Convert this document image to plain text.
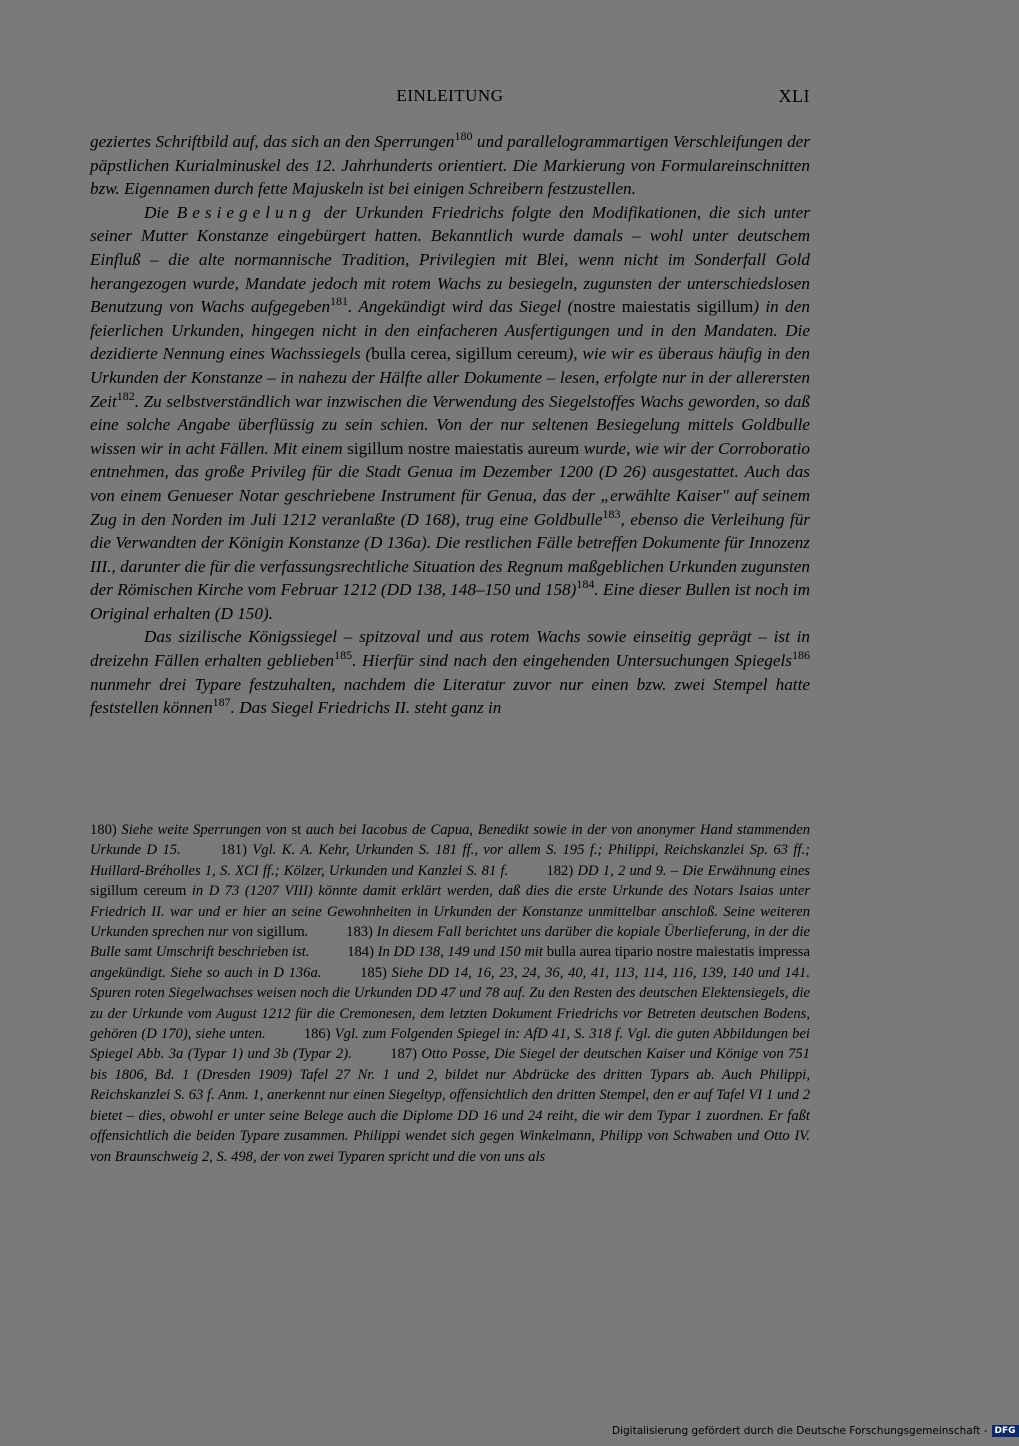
EINLEITUNG	XLI

geziertes Schriftbild auf, das sich an den Sperrungen$^{180}$ und parallelogrammartigen Verschleifungen der päpstlichen Kurialminuskel des 12. Jahrhunderts orientiert. Die Markierung von Formulareinschnitten bzw. Eigennamen durch fette Majuskeln ist bei einigen Schreibern festzustellen.

Die Besiegelung der Urkunden Friedrichs folgte den Modifikationen, die sich unter seiner Mutter Konstanze eingebürgert hatten. Bekanntlich wurde damals – wohl unter deutschem Einfluß – die alte normannische Tradition, Privilegien mit Blei, wenn nicht im Sonderfall Gold herangezogen wurde, Mandate jedoch mit rotem Wachs zu besiegeln, zugunsten der unterschiedslosen Benutzung von Wachs aufgegeben$^{181}$. Angekündigt wird das Siegel (nostre maiestatis sigillum) in den feierlichen Urkunden, hingegen nicht in den einfacheren Ausfertigungen und in den Mandaten. Die dezidierte Nennung eines Wachssiegels (bulla cerea, sigillum cereum), wie wir es überaus häufig in den Urkunden der Konstanze – in nahezu der Hälfte aller Dokumente – lesen, erfolgte nur in der allerersten Zeit$^{182}$. Zu selbstverständlich war inzwischen die Verwendung des Siegelstoffes Wachs geworden, so daß eine solche Angabe überflüssig zu sein schien. Von der nur seltenen Besiegelung mittels Goldbulle wissen wir in acht Fällen. Mit einem sigillum nostre maiestatis aureum wurde, wie wir der Corroboratio entnehmen, das große Privileg für die Stadt Genua im Dezember 1200 (D 26) ausgestattet. Auch das von einem Genueser Notar geschriebene Instrument für Genua, das der „erwählte Kaiser" auf seinem Zug in den Norden im Juli 1212 veranlaßte (D 168), trug eine Goldbulle$^{183}$, ebenso die Verleihung für die Verwandten der Königin Konstanze (D 136a). Die restlichen Fälle betreffen Dokumente für Innozenz III., darunter die für die verfassungsrechtliche Situation des Regnum maßgeblichen Urkunden zugunsten der Römischen Kirche vom Februar 1212 (DD 138, 148–150 und 158)$^{184}$. Eine dieser Bullen ist noch im Original erhalten (D 150).

Das sizilische Königssiegel – spitzoval und aus rotem Wachs sowie einseitig geprägt – ist in dreizehn Fällen erhalten geblieben$^{185}$. Hierfür sind nach den eingehenden Untersuchungen Spiegels$^{186}$ nunmehr drei Typare festzuhalten, nachdem die Literatur zuvor nur einen bzw. zwei Stempel hatte feststellen können$^{187}$. Das Siegel Friedrichs II. steht ganz in

180) Siehe weite Sperrungen von st auch bei Iacobus de Capua, Benedikt sowie in der von anonymer Hand stammenden Urkunde D 15.	181) Vgl. K. A. Kehr, Urkunden S. 181 ff., vor allem S. 195 f.; Philippi, Reichskanzlei Sp. 63 ff.; Huillard-Bréholles 1, S. XCI ff.; Kölzer, Urkunden und Kanzlei S. 81 f.	182) DD 1, 2 und 9. – Die Erwähnung eines sigillum cereum in D 73 (1207 VIII) könnte damit erklärt werden, daß dies die erste Urkunde des Notars Isaias unter Friedrich II. war und er hier an seine Gewohnheiten in Urkunden der Konstanze unmittelbar anschloß. Seine weiteren Urkunden sprechen nur von sigillum.	183) In diesem Fall berichtet uns darüber die kopiale Überlieferung, in der die Bulle samt Umschrift beschrieben ist.	184) In DD 138, 149 und 150 mit bulla aurea tipario nostre maiestatis impressa angekündigt. Siehe so auch in D 136a.	185) Siehe DD 14, 16, 23, 24, 36, 40, 41, 113, 114, 116, 139, 140 und 141. Spuren roten Siegelwachses weisen noch die Urkunden DD 47 und 78 auf. Zu den Resten des deutschen Elektensiegels, die zu der Urkunde vom August 1212 für die Cremonesen, dem letzten Dokument Friedrichs vor Betreten deutschen Bodens, gehören (D 170), siehe unten.	186) Vgl. zum Folgenden Spiegel in: AfD 41, S. 318 f. Vgl. die guten Abbildungen bei Spiegel Abb. 3a (Typar 1) und 3b (Typar 2).	187) Otto Posse, Die Siegel der deutschen Kaiser und Könige von 751 bis 1806, Bd. 1 (Dresden 1909) Tafel 27 Nr. 1 und 2, bildet nur Abdrücke des dritten Typars ab. Auch Philippi, Reichskanzlei S. 63 f. Anm. 1, anerkennt nur einen Siegeltyp, offensichtlich den dritten Stempel, den er auf Tafel VI 1 und 2 bietet – dies, obwohl er unter seine Belege auch die Diplome DD 16 und 24 reiht, die wir dem Typar 1 zuordnen. Er faßt offensichtlich die beiden Typare zusammen. Philippi wendet sich gegen Winkelmann, Philipp von Schwaben und Otto IV. von Braunschweig 2, S. 498, der von zwei Typaren spricht und die von uns als
Digitalisierung gefördert durch die Deutsche Forschungsgemeinschaft - DFG
